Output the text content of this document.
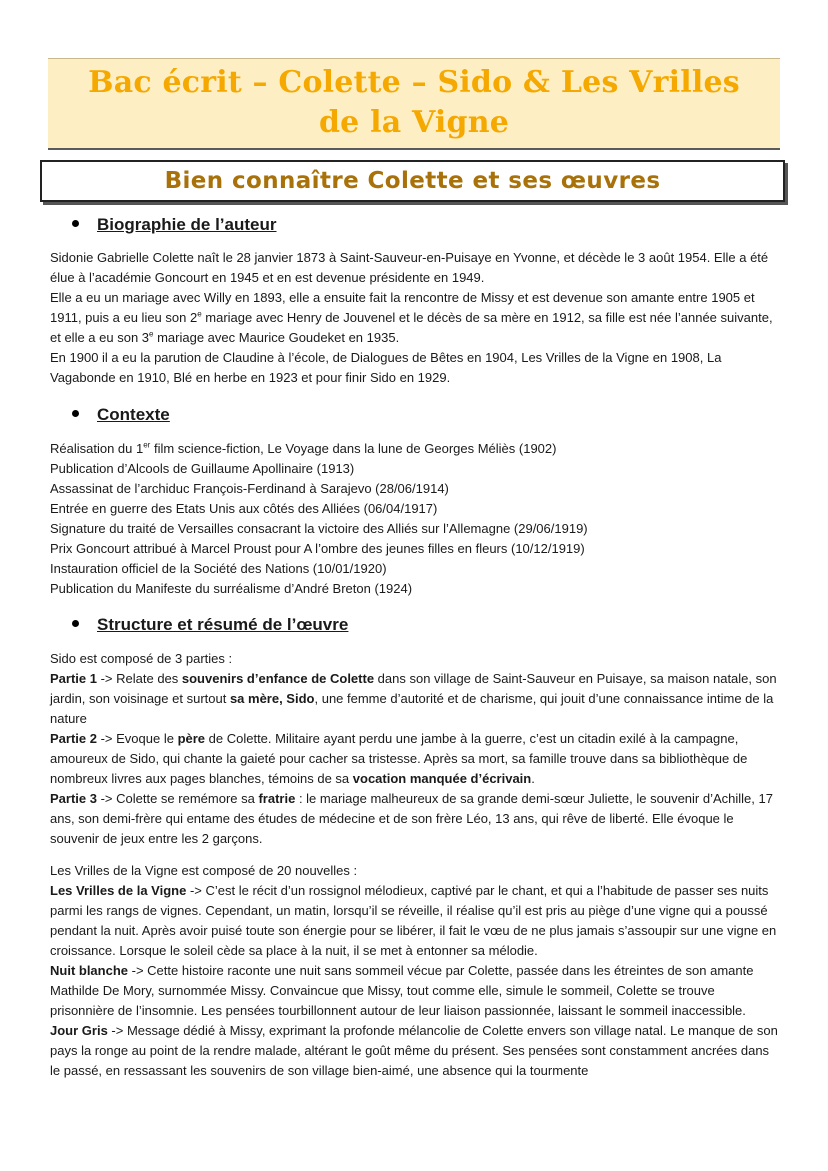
Bac écrit – Colette – Sido & Les Vrilles
de la Vigne
Bien connaître Colette et ses œuvres
Biographie de l’auteur

Sidonie Gabrielle Colette naît le 28 janvier 1873 à Saint-Sauveur-en-Puisaye en Yvonne, et décède le 3 août 1954. Elle a été élue à l’académie Goncourt en 1945 et en est devenue présidente en 1949.

Elle a eu un mariage avec Willy en 1893, elle a ensuite fait la rencontre de Missy et est devenue son amante entre 1905 et 1911, puis a eu lieu son 2e mariage avec Henry de Jouvenel et le décès de sa mère en 1912, sa fille est née l’année suivante, et elle a eu son 3e mariage avec Maurice Goudeket en 1935.

En 1900 il a eu la parution de Claudine à l’école, de Dialogues de Bêtes en 1904, Les Vrilles de la Vigne en 1908, La Vagabonde en 1910, Blé en herbe en 1923 et pour finir Sido en 1929.

Contexte

Réalisation du 1er film science-fiction, Le Voyage dans la lune de Georges Méliès (1902)

Publication d’Alcools de Guillaume Apollinaire (1913)

Assassinat de l’archiduc François-Ferdinand à Sarajevo (28/06/1914)

Entrée en guerre des Etats Unis aux côtés des Alliées (06/04/1917)

Signature du traité de Versailles consacrant la victoire des Alliés sur l’Allemagne (29/06/1919)

Prix Goncourt attribué à Marcel Proust pour A l’ombre des jeunes filles en fleurs (10/12/1919)

Instauration officiel de la Société des Nations (10/01/1920)

Publication du Manifeste du surréalisme d’André Breton (1924)

Structure et résumé de l’œuvre

Sido est composé de 3 parties :

Partie 1 -> Relate des souvenirs d’enfance de Colette dans son village de Saint-Sauveur en Puisaye, sa maison natale, son jardin, son voisinage et surtout sa mère, Sido, une femme d’autorité et de charisme, qui jouit d’une connaissance intime de la nature

Partie 2 -> Evoque le père de Colette. Militaire ayant perdu une jambe à la guerre, c’est un citadin exilé à la campagne, amoureux de Sido, qui chante la gaieté pour cacher sa tristesse. Après sa mort, sa famille trouve dans sa bibliothèque de nombreux livres aux pages blanches, témoins de sa vocation manquée d’écrivain.

Partie 3 -> Colette se remémore sa fratrie : le mariage malheureux de sa grande demi-sœur Juliette, le souvenir d’Achille, 17 ans, son demi-frère qui entame des études de médecine et de son frère Léo, 13 ans, qui rêve de liberté. Elle évoque le souvenir de jeux entre les 2 garçons.

Les Vrilles de la Vigne est composé de 20 nouvelles :

Les Vrilles de la Vigne -> C’est le récit d’un rossignol mélodieux, captivé par le chant, et qui a l’habitude de passer ses nuits parmi les rangs de vignes. Cependant, un matin, lorsqu’il se réveille, il réalise qu’il est pris au piège d’une vigne qui a poussé pendant la nuit. Après avoir puisé toute son énergie pour se libérer, il fait le vœu de ne plus jamais s’assoupir sur une vigne en croissance. Lorsque le soleil cède sa place à la nuit, il se met à entonner sa mélodie.

Nuit blanche -> Cette histoire raconte une nuit sans sommeil vécue par Colette, passée dans les étreintes de son amante Mathilde De Mory, surnommée Missy. Convaincue que Missy, tout comme elle, simule le sommeil, Colette se trouve prisonnière de l’insomnie. Les pensées tourbillonnent autour de leur liaison passionnée, laissant le sommeil inaccessible.

Jour Gris -> Message dédié à Missy, exprimant la profonde mélancolie de Colette envers son village natal. Le manque de son pays la ronge au point de la rendre malade, altérant le goût même du présent. Ses pensées sont constamment ancrées dans le passé, en ressassant les souvenirs de son village bien-aimé, une absence qui la tourmente
